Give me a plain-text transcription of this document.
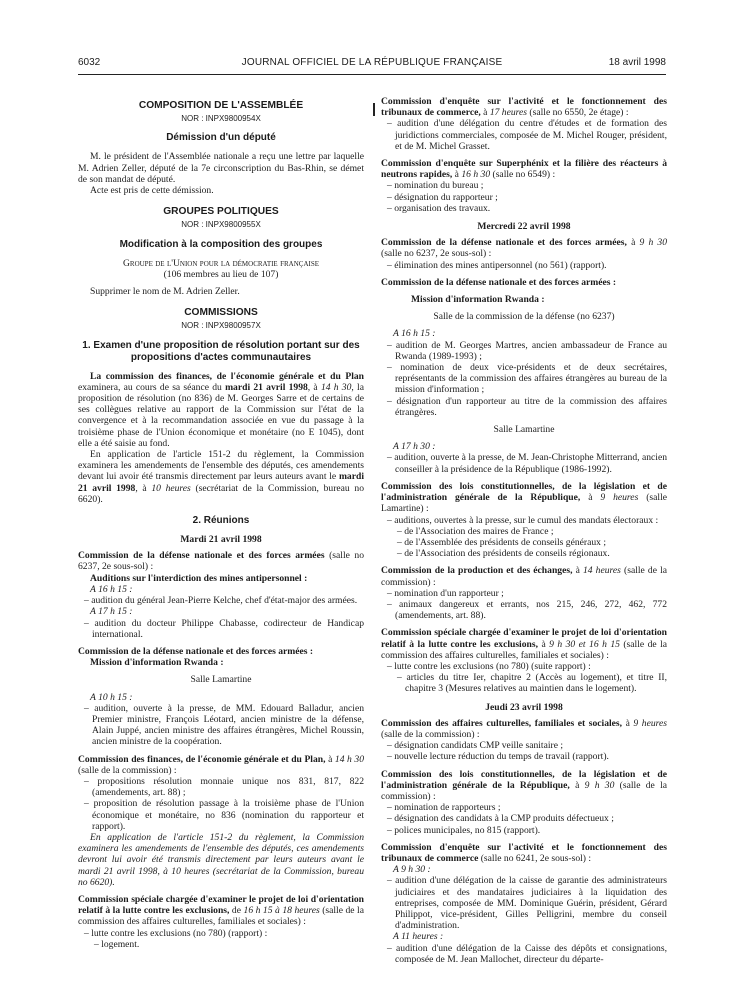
6032	JOURNAL OFFICIEL DE LA RÉPUBLIQUE FRANÇAISE	18 avril 1998
COMPOSITION DE L'ASSEMBLÉE
NOR : INPX9800954X
Démission d'un député

M. le président de l'Assemblée nationale a reçu une lettre par laquelle M. Adrien Zeller, député de la 7e circonscription du Bas-Rhin, se démet de son mandat de député.

Acte est pris de cette démission.

GROUPES POLITIQUES
NOR : INPX9800955X
Modification à la composition des groupes

Groupe de l'Union pour la démocratie française

(106 membres au lieu de 107)

Supprimer le nom de M. Adrien Zeller.

COMMISSIONS
NOR : INPX9800957X
1. Examen d'une proposition de résolution portant sur des propositions d'actes communautaires

La commission des finances, de l'économie générale et du Plan examinera, au cours de sa séance du mardi 21 avril 1998, à 14 h 30, la proposition de résolution (no 836) de M. Georges Sarre et de certains de ses collègues relative au rapport de la Commission sur l'état de la convergence et à la recommandation associée en vue du passage à la troisième phase de l'Union économique et monétaire (no E 1045), dont elle a été saisie au fond.

En application de l'article 151-2 du règlement, la Commission examinera les amendements de l'ensemble des députés, ces amendements devant lui avoir été transmis directement par leurs auteurs avant le mardi 21 avril 1998, à 10 heures (secrétariat de la Commission, bureau no 6620).

2. Réunions
Mardi 21 avril 1998

Commission de la défense nationale et des forces armées (salle no 6237, 2e sous-sol) :

Auditions sur l'interdiction des mines antipersonnel :

A 16 h 15 :

– audition du général Jean-Pierre Kelche, chef d'état-major des armées.

A 17 h 15 :

– audition du docteur Philippe Chabasse, codirecteur de Handicap international.

Commission de la défense nationale et des forces armées :

Mission d'information Rwanda :

Salle Lamartine

A 10 h 15 :

– audition, ouverte à la presse, de MM. Edouard Balladur, ancien Premier ministre, François Léotard, ancien ministre de la défense, Alain Juppé, ancien ministre des affaires étrangères, Michel Roussin, ancien ministre de la coopération.

Commission des finances, de l'économie générale et du Plan, à 14 h 30 (salle de la commission) :

– propositions résolution monnaie unique nos 831, 817, 822 (amendements, art. 88) ;
– proposition de résolution passage à la troisième phase de l'Union économique et monétaire, no 836 (nomination du rapporteur et rapport).

En application de l'article 151-2 du règlement, la Commission examinera les amendements de l'ensemble des députés, ces amendements devront lui avoir été transmis directement par leurs auteurs avant le mardi 21 avril 1998, à 10 heures (secrétariat de la Commission, bureau no 6620).

Commission spéciale chargée d'examiner le projet de loi d'orientation relatif à la lutte contre les exclusions, de 16 h 15 à 18 heures (salle de la commission des affaires culturelles, familiales et sociales) :

– lutte contre les exclusions (no 780) (rapport) :
– logement.

Commission d'enquête sur l'activité et le fonctionnement des tribunaux de commerce, à 17 heures (salle no 6550, 2e étage) :

– audition d'une délégation du centre d'études et de formation des juridictions commerciales, composée de M. Michel Rouger, président, et de M. Michel Grasset.

Commission d'enquête sur Superphénix et la filière des réacteurs à neutrons rapides, à 16 h 30 (salle no 6549) :

– nomination du bureau ;
– désignation du rapporteur ;
– organisation des travaux.
Mercredi 22 avril 1998

Commission de la défense nationale et des forces armées, à 9 h 30 (salle no 6237, 2e sous-sol) :

– élimination des mines antipersonnel (no 561) (rapport).

Commission de la défense nationale et des forces armées :

Mission d'information Rwanda :

Salle de la commission de la défense (no 6237)

A 16 h 15 :

– audition de M. Georges Martres, ancien ambassadeur de France au Rwanda (1989-1993) ;
– nomination de deux vice-présidents et de deux secrétaires, représentants de la commission des affaires étrangères au bureau de la mission d'information ;
– désignation d'un rapporteur au titre de la commission des affaires étrangères.

Salle Lamartine

A 17 h 30 :

– audition, ouverte à la presse, de M. Jean-Christophe Mitterrand, ancien conseiller à la présidence de la République (1986-1992).

Commission des lois constitutionnelles, de la législation et de l'administration générale de la République, à 9 heures (salle Lamartine) :

– auditions, ouvertes à la presse, sur le cumul des mandats électoraux :
– de l'Association des maires de France ;
– de l'Assemblée des présidents de conseils généraux ;
– de l'Association des présidents de conseils régionaux.

Commission de la production et des échanges, à 14 heures (salle de la commission) :

– nomination d'un rapporteur ;
– animaux dangereux et errants, nos 215, 246, 272, 462, 772 (amendements, art. 88).

Commission spéciale chargée d'examiner le projet de loi d'orientation relatif à la lutte contre les exclusions, à 9 h 30 et 16 h 15 (salle de la commission des affaires culturelles, familiales et sociales) :

– lutte contre les exclusions (no 780) (suite rapport) :
– articles du titre Ier, chapitre 2 (Accès au logement), et titre II, chapitre 3 (Mesures relatives au maintien dans le logement).
Jeudi 23 avril 1998

Commission des affaires culturelles, familiales et sociales, à 9 heures (salle de la commission) :

– désignation candidats CMP veille sanitaire ;
– nouvelle lecture réduction du temps de travail (rapport).

Commission des lois constitutionnelles, de la législation et de l'administration générale de la République, à 9 h 30 (salle de la commission) :

– nomination de rapporteurs ;
– désignation des candidats à la CMP produits défectueux ;
– polices municipales, no 815 (rapport).

Commission d'enquête sur l'activité et le fonctionnement des tribunaux de commerce (salle no 6241, 2e sous-sol) :

A 9 h 30 :

– audition d'une délégation de la caisse de garantie des administrateurs judiciaires et des mandataires judiciaires à la liquidation des entreprises, composée de MM. Dominique Guérin, président, Gérard Philippot, vice-président, Gilles Pelligrini, membre du conseil d'administration.

A 11 heures :

– audition d'une délégation de la Caisse des dépôts et consignations, composée de M. Jean Mallochet, directeur du départe-
